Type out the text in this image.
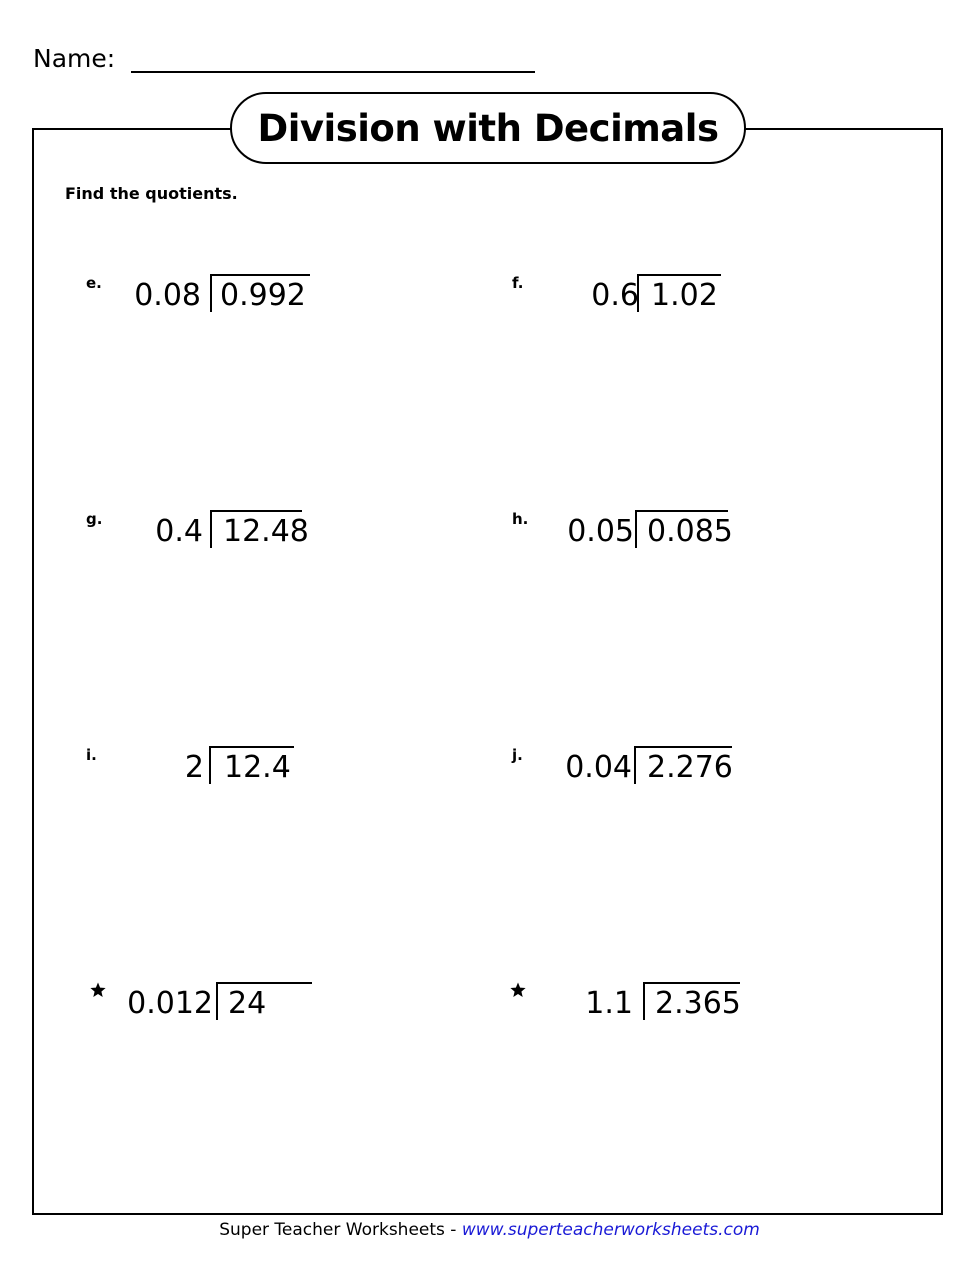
Name:
Division with Decimals
Find the quotients.
e. 0.08 0.992	f. 0.6 1.02
g. 0.4 12.48	h. 0.05 0.085
i.	2 12.4	j. 0.04 2.276
0.012 24	1.1 2.365
Super Teacher Worksheets - www.superteacherworksheets.com
